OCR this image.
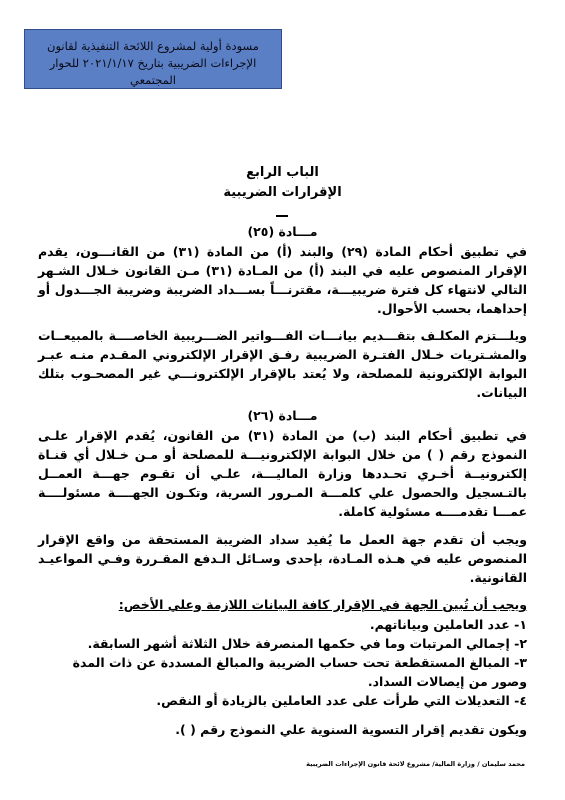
مسودة أولية لمشروع اللائحة التنفيذية لقانون الإجراءات الضريبية بتاريخ ٢٠٢١/١/١٧ للحوار المجتمعي
الباب الرابع
الإقرارات الضريبية
مـــادة (٢٥)
في تطبيق أحكام المادة (٢٩) والبند (أ) من المادة (٣١) من القانـــون، يقدم الإقرار المنصوص عليه في البند (أ) من المـادة (٣١) مـن القانون خـلال الشـهر التالي لانتهاء كل فترة ضريبيـــة، مقترنـــاً بســـداد الضريبة وضريبة الجـــدول أو إحداهما، بحسب الأحوال.
ويلـــتزم المكلـف بتقـــديم بيانـــات الفـــواتير الضـــريبية الخاصــــة بالمبيعــات والمشـتريات خـلال الفتـرة الضريبية رفـق الإقرار الإلكتروني المقـدم منـه عبـر البوابة الإلكترونية للمصلحة، ولا يُعتد بالإقرار الإلكترونـــي غير المصحـوب بتلك البيانات.
مـــادة (٢٦)
في تطبيق أحكام البند (ب) من المادة (٣١) من القانون، يُقدم الإقرار علـى النموذج رقم ( ) من خلال البوابة الإلكترونيـــة للمصلحة أو مـن خـلال أي قنـاة إلكترونيــة أخـري تحـددها وزارة الماليـــة، علـي أن تقـوم جهـــة العمــل بالتـسجيل والحصول علي كلمـــة المـرور السرية، وتكـون الجهــــة مسئولــــة عمـــا تقدمــــه مسئولية كاملة.
ويجب أن تقدم جهة العمل ما يُفيد سداد الضريبة المستحقة من واقع الإقرار المنصوص عليه في هـذه المـادة، بإحدى وسـائل الـدفع المقـررة وفـي المواعيـد القانونية.
ويجب أن تُبين الجهة في الإقرار كافة البيانات اللازمة وعلي الأخص:
١- عدد العاملين وبياناتهم.
٢- إجمالي المرتبات وما في حكمها المنصرفة خلال الثلاثة أشهر السابقة.
٣- المبالغ المستقطعة تحت حساب الضريبة والمبالغ المسددة عن ذات المدة وصور من إيصالات السداد.
٤- التعديلات التي طرأت على عدد العاملين بالزيادة أو النقص.
ويكون تقديم إقرار التسوية السنوية علي النموذج رقم ( ).
محمد سليمان / وزارة المالية/ مشروع لائحة قانون الإجراءات الضريبية
